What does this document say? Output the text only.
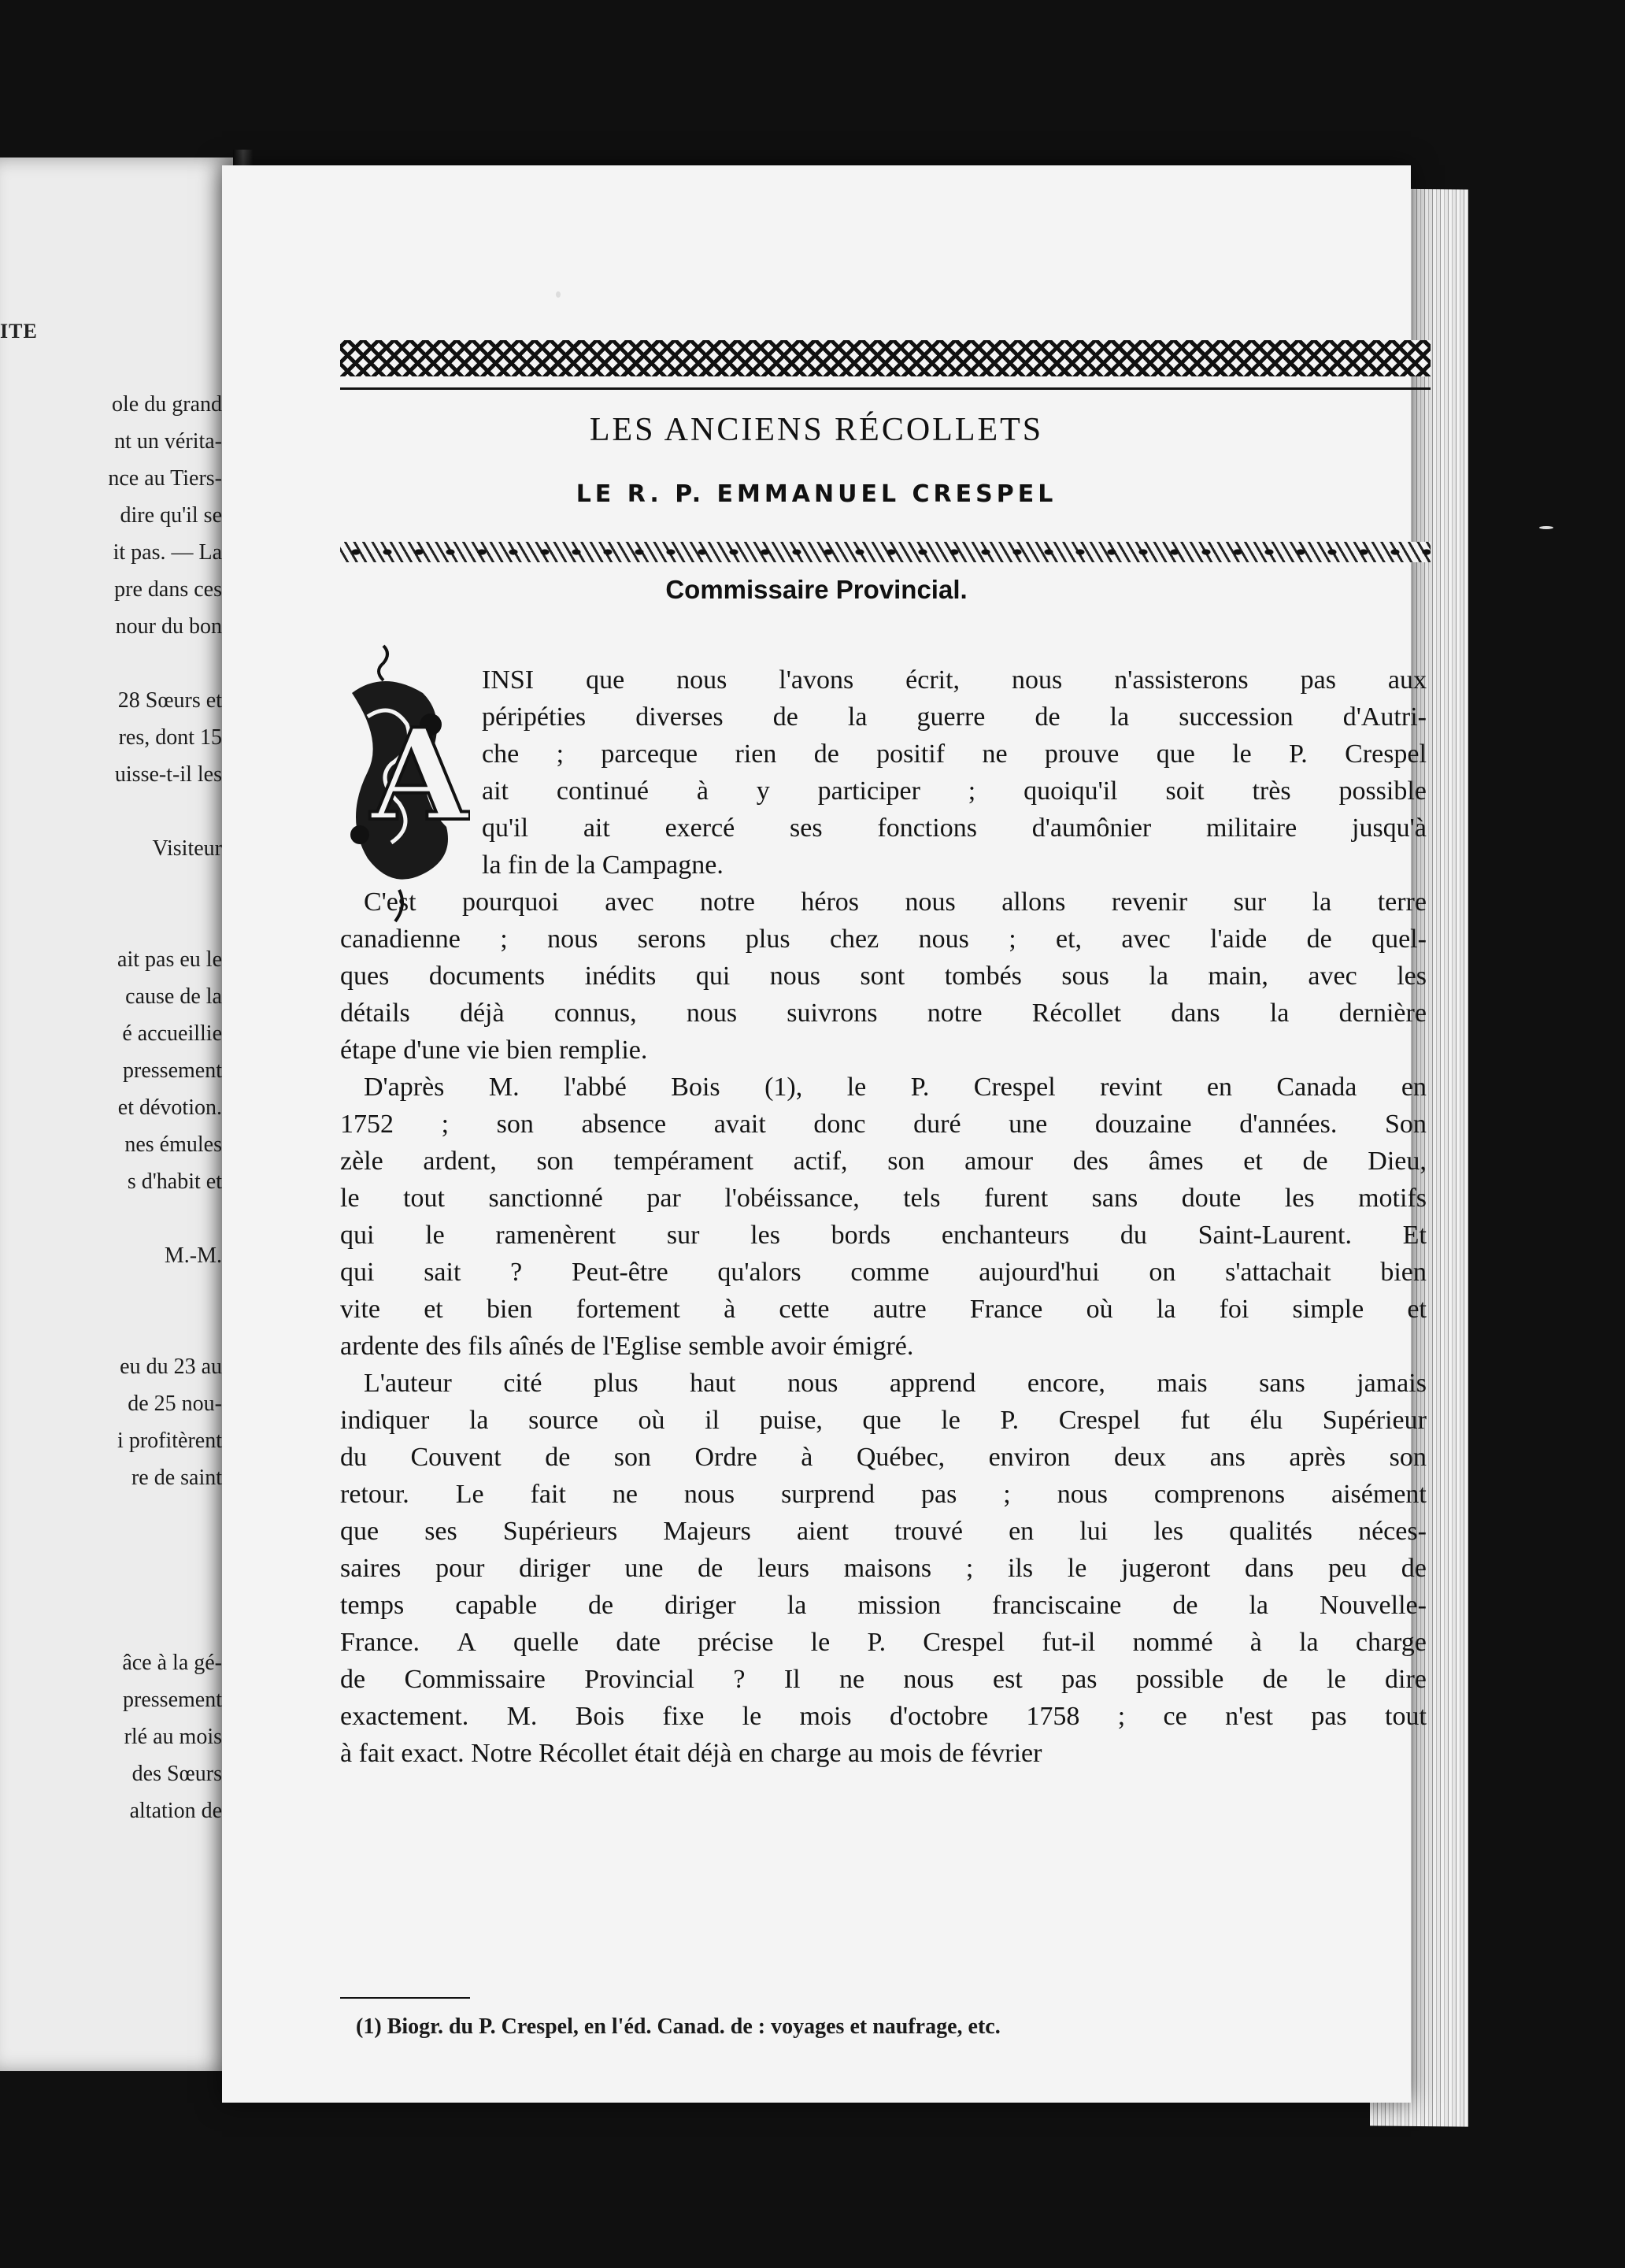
ITE
ole du grand
nt un vérita-
nce au Tiers-
dire qu'il se
it pas. — La
pre dans ces
nour du bon
28 Sœurs et
res, dont 15
uisse-t-il les
Visiteur
ait pas eu le
cause de la
é accueillie
pressement
et dévotion.
nes émules
s d'habit et
M.-M.
eu du 23 au
de 25 nou-
i profitèrent
re de saint
âce à la gé-
pressement
rlé au mois
des Sœurs
altation de
LES ANCIENS RÉCOLLETS
LE R. P. EMMANUEL CRESPEL
Commissaire Provincial.
A
INSI que nous l'avons écrit, nous n'assisterons pas aux
péripéties diverses de la guerre de la succession d'Autri-
che ; parceque rien de positif ne prouve que le P. Crespel
ait continué à y participer ; quoiqu'il soit très possible
qu'il ait exercé ses fonctions d'aumônier militaire jusqu'à
la fin de la Campagne.
C'est pourquoi avec notre héros nous allons revenir sur la terre
canadienne ; nous serons plus chez nous ; et, avec l'aide de quel-
ques documents inédits qui nous sont tombés sous la main, avec les
détails déjà connus, nous suivrons notre Récollet dans la dernière
étape d'une vie bien remplie.
D'après M. l'abbé Bois (1), le P. Crespel revint en Canada en
1752 ; son absence avait donc duré une douzaine d'années. Son
zèle ardent, son tempérament actif, son amour des âmes et de Dieu,
le tout sanctionné par l'obéissance, tels furent sans doute les motifs
qui le ramenèrent sur les bords enchanteurs du Saint-Laurent. Et
qui sait ? Peut-être qu'alors comme aujourd'hui on s'attachait bien
vite et bien fortement à cette autre France où la foi simple et
ardente des fils aînés de l'Eglise semble avoir émigré.
L'auteur cité plus haut nous apprend encore, mais sans jamais
indiquer la source où il puise, que le P. Crespel fut élu Supérieur
du Couvent de son Ordre à Québec, environ deux ans après son
retour. Le fait ne nous surprend pas ; nous comprenons aisément
que ses Supérieurs Majeurs aient trouvé en lui les qualités néces-
saires pour diriger une de leurs maisons ; ils le jugeront dans peu de
temps capable de diriger la mission franciscaine de la Nouvelle-
France. A quelle date précise le P. Crespel fut-il nommé à la charge
de Commissaire Provincial ? Il ne nous est pas possible de le dire
exactement. M. Bois fixe le mois d'octobre 1758 ; ce n'est pas tout
à fait exact. Notre Récollet était déjà en charge au mois de février
(1) Biogr. du P. Crespel, en l'éd. Canad. de : voyages et naufrage, etc.
